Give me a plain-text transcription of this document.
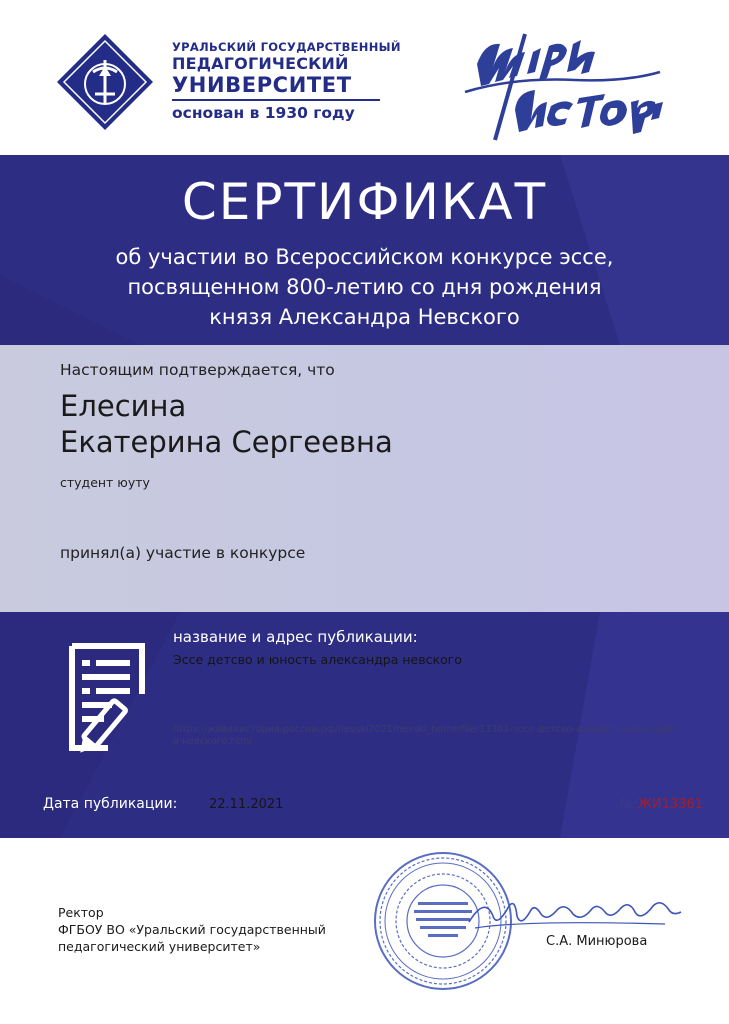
УРАЛЬСКИЙ ГОСУДАРСТВЕННЫЙ
ПЕДАГОГИЧЕСКИЙ
УНИВЕРСИТЕТ
основан в 1930 году
СЕРТИФИКАТ
об участии во Всероссийском конкурсе эссе,
посвященном 800-летию со дня рождения
князя Александра Невского
Настоящим подтверждается, что
Елесина
Екатерина Сергеевна
студент юуту
принял(а) участие в конкурсе
название и адрес публикации:
Эссе детсво и юность александра невского
https://живаяистория-россии.рф/nevski2021/nevski_home/file/13361-эссе-детсво-и-юность-александра-невского.html
Дата публикации: 22.11.2021	№:ЖИ13361
Ректор
ФГБОУ ВО «Уральский государственный
педагогический университет»	С.А. Минюрова
